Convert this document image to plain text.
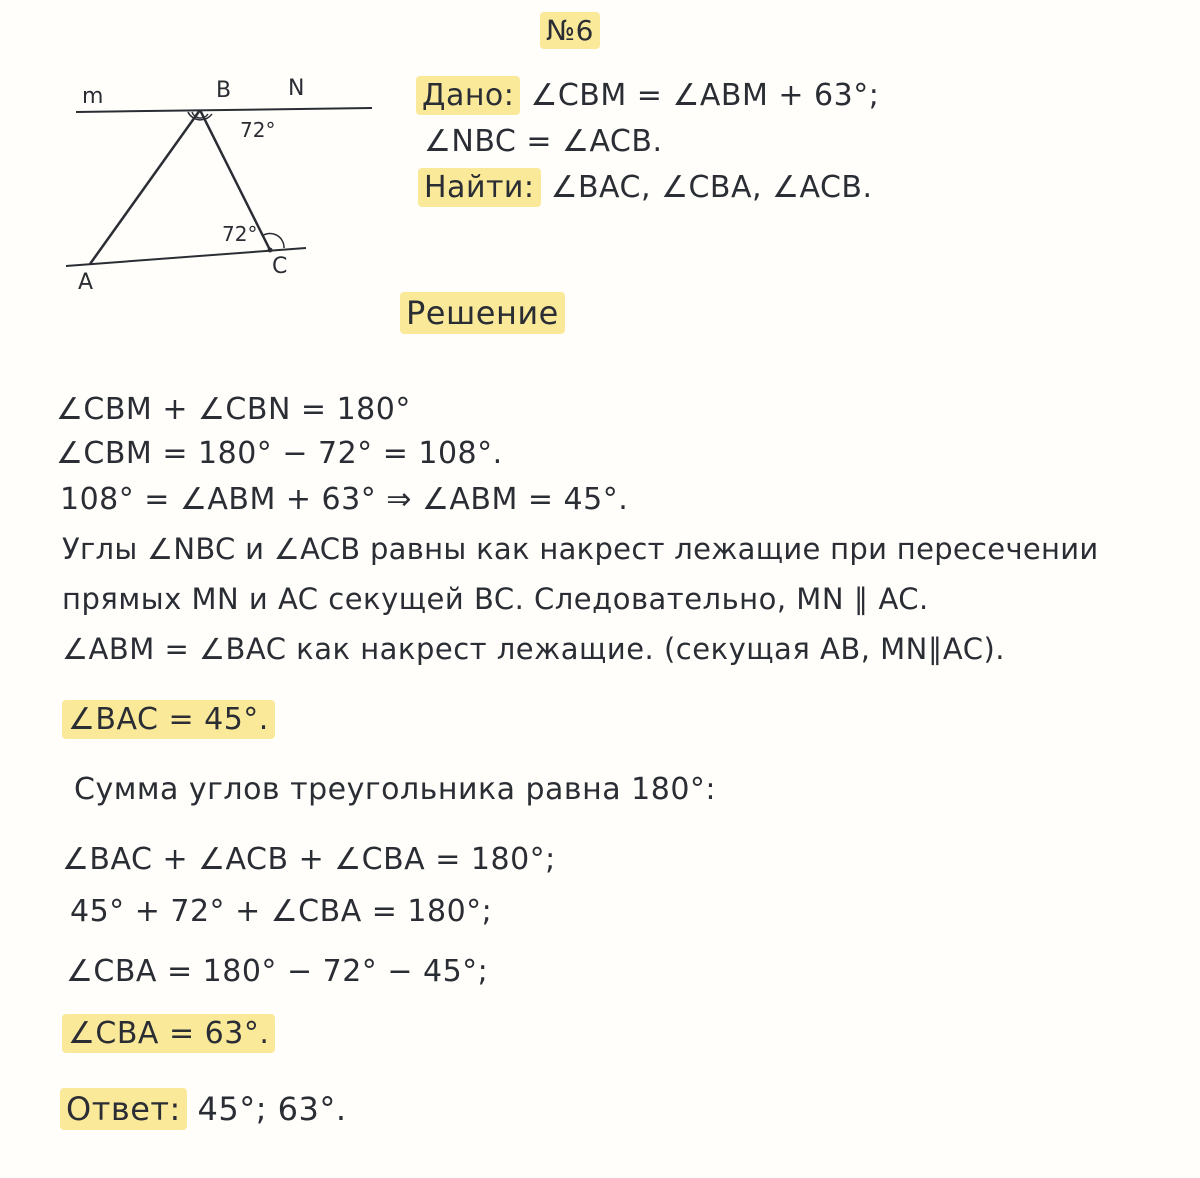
№6
m	B	N
72°
72°
A
C
Дано: ∠CBM = ∠ABM + 63°;
∠NBC = ∠ACB.
Найти: ∠BAC, ∠CBA, ∠ACB.
Решение
∠CBM + ∠CBN = 180°
∠CBM = 180° − 72° = 108°.
108° = ∠ABM + 63° ⇒ ∠ABM = 45°.
Углы ∠NBC и ∠ACB равны как накрест лежащие при пересечении
прямых MN и AC секущей BC. Следовательно, MN ∥ AC.
∠ABM = ∠BAC как накрест лежащие. (секущая AB, MN∥AC).
∠BAC = 45°.
Сумма углов треугольника равна 180°:
∠BAC + ∠ACB + ∠CBA = 180°;
45° + 72° + ∠CBA = 180°;
∠CBA = 180° − 72° − 45°;
∠CBA = 63°.
Ответ: 45°; 63°.
